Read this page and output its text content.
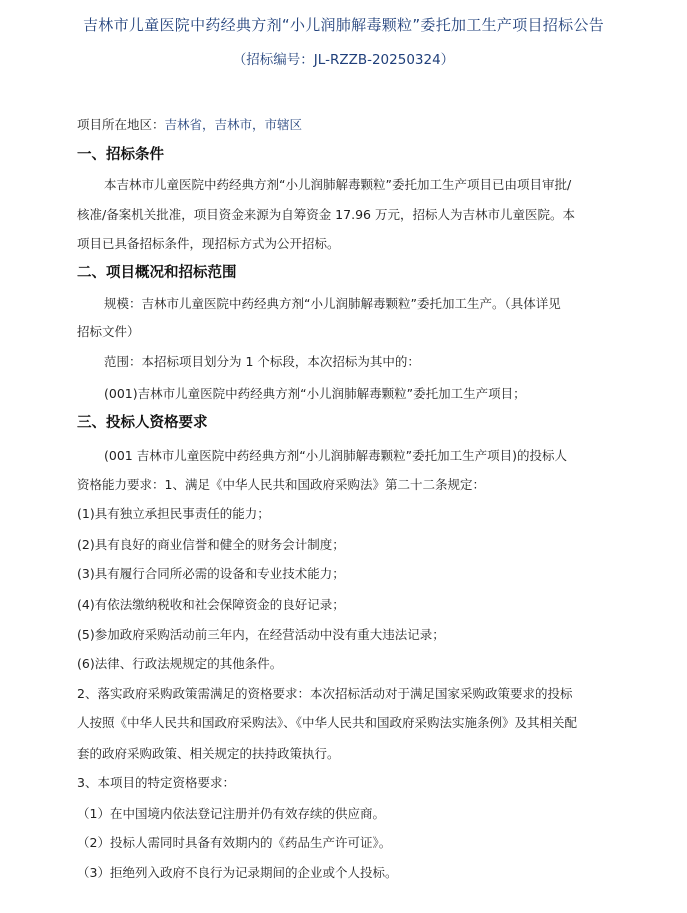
吉林市儿童医院中药经典方剂“小儿润肺解毒颗粒”委托加工生产项目招标公告
（招标编号：JL-RZZB-20250324）
项目所在地区：吉林省，吉林市，市辖区
一、招标条件
本吉林市儿童医院中药经典方剂“小儿润肺解毒颗粒”委托加工生产项目已由项目审批/
核准/备案机关批准，项目资金来源为自筹资金 17.96 万元，招标人为吉林市儿童医院。本
项目已具备招标条件，现招标方式为公开招标。
二、项目概况和招标范围
规模：吉林市儿童医院中药经典方剂“小儿润肺解毒颗粒”委托加工生产。（具体详见
招标文件）
范围：本招标项目划分为 1 个标段，本次招标为其中的：
(001)吉林市儿童医院中药经典方剂“小儿润肺解毒颗粒”委托加工生产项目；
三、投标人资格要求
(001 吉林市儿童医院中药经典方剂“小儿润肺解毒颗粒”委托加工生产项目)的投标人
资格能力要求：1、满足《中华人民共和国政府采购法》第二十二条规定：
(1)具有独立承担民事责任的能力；
(2)具有良好的商业信誉和健全的财务会计制度；
(3)具有履行合同所必需的设备和专业技术能力；
(4)有依法缴纳税收和社会保障资金的良好记录；
(5)参加政府采购活动前三年内，在经营活动中没有重大违法记录；
(6)法律、行政法规规定的其他条件。
2、落实政府采购政策需满足的资格要求：本次招标活动对于满足国家采购政策要求的投标
人按照《中华人民共和国政府采购法》、《中华人民共和国政府采购法实施条例》及其相关配
套的政府采购政策、相关规定的扶持政策执行。
3、本项目的特定资格要求：
（1）在中国境内依法登记注册并仍有效存续的供应商。
（2）投标人需同时具备有效期内的《药品生产许可证》。
（3）拒绝列入政府不良行为记录期间的企业或个人投标。
